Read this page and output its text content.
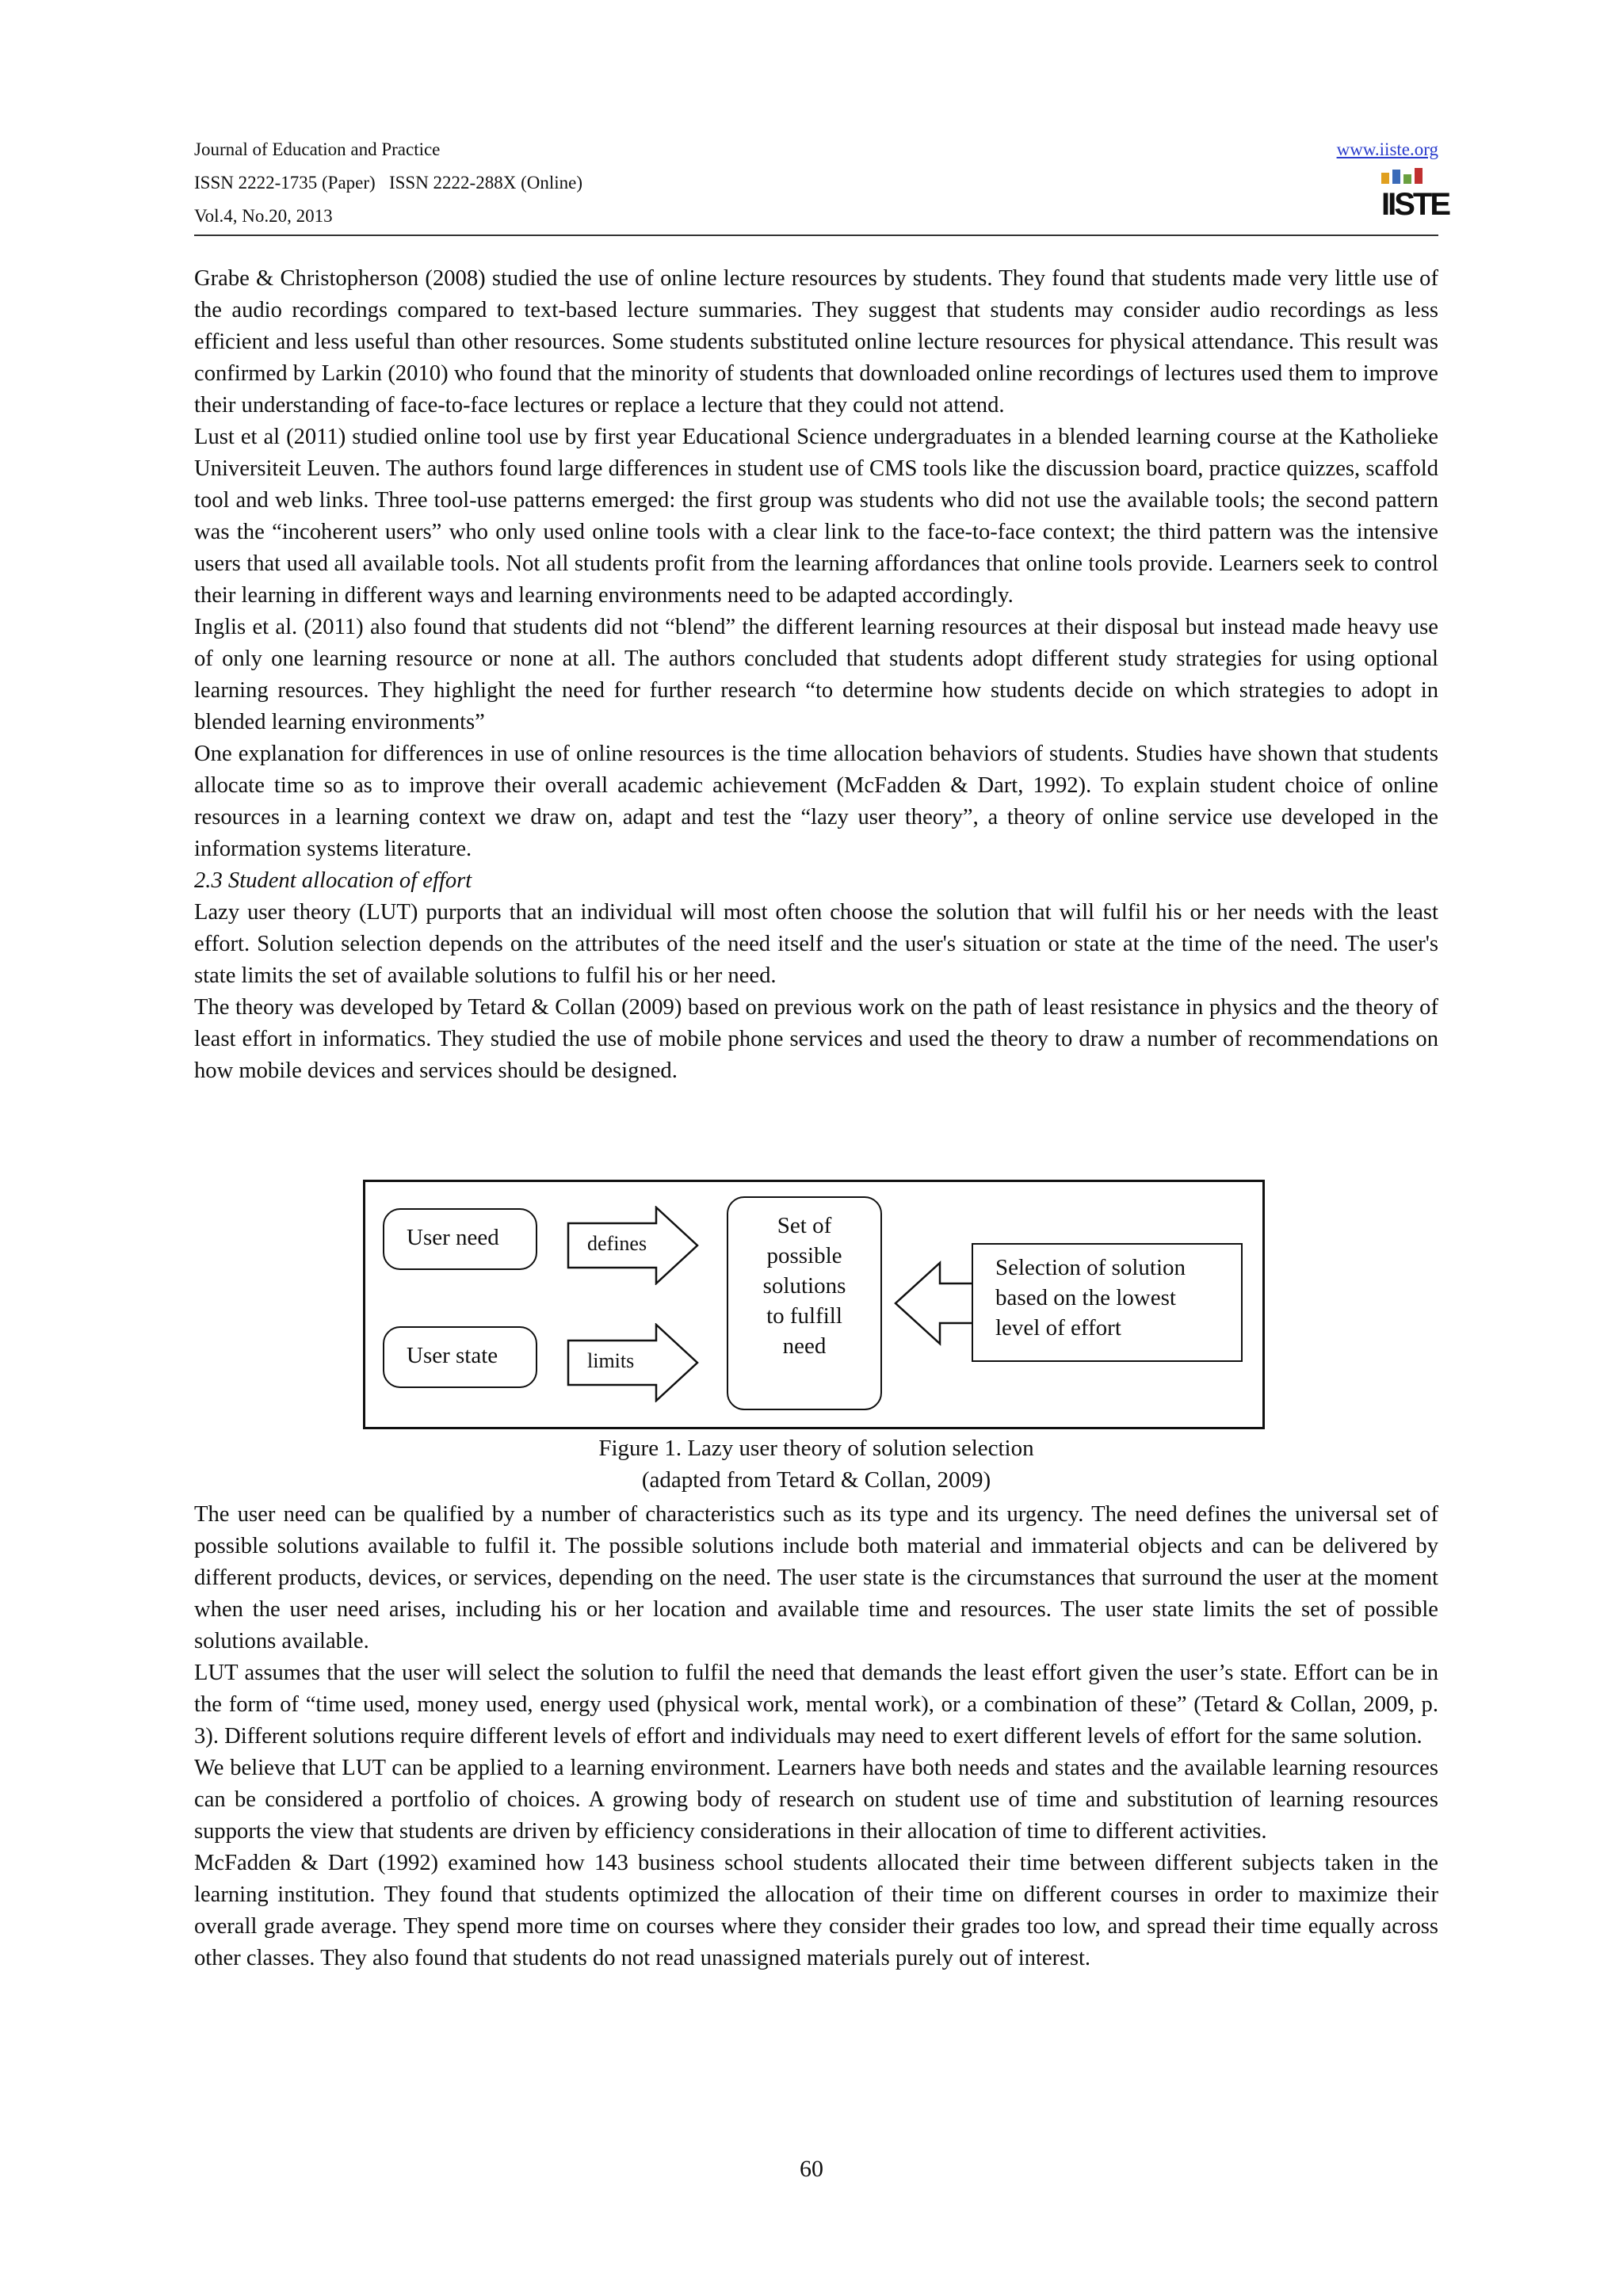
Journal of Education and Practice
ISSN 2222-1735 (Paper)   ISSN 2222-288X (Online)
Vol.4, No.20, 2013
www.iiste.org
IISTE

Grabe & Christopherson (2008) studied the use of online lecture resources by students. They found that students made very little use of the audio recordings compared to text-based lecture summaries. They suggest that students may consider audio recordings as less efficient and less useful than other resources. Some students substituted online lecture resources for physical attendance. This result was confirmed by Larkin (2010) who found that the minority of students that downloaded online recordings of lectures used them to improve their understanding of face-to-face lectures or replace a lecture that they could not attend.

Lust et al (2011) studied online tool use by first year Educational Science undergraduates in a blended learning course at the Katholieke Universiteit Leuven. The authors found large differences in student use of CMS tools like the discussion board, practice quizzes, scaffold tool and web links. Three tool-use patterns emerged: the first group was students who did not use the available tools; the second pattern was the “incoherent users” who only used online tools with a clear link to the face-to-face context; the third pattern was the intensive users that used all available tools. Not all students profit from the learning affordances that online tools provide. Learners seek to control their learning in different ways and learning environments need to be adapted accordingly.

Inglis et al. (2011) also found that students did not “blend” the different learning resources at their disposal but instead made heavy use of only one learning resource or none at all. The authors concluded that students adopt different study strategies for using optional learning resources. They highlight the need for further research “to determine how students decide on which strategies to adopt in blended learning environments”

One explanation for differences in use of online resources is the time allocation behaviors of students. Studies have shown that students allocate time so as to improve their overall academic achievement (McFadden & Dart, 1992). To explain student choice of online resources in a learning context we draw on, adapt and test the “lazy user theory”, a theory of online service use developed in the information systems literature.

2.3 Student allocation of effort

Lazy user theory (LUT) purports that an individual will most often choose the solution that will fulfil his or her needs with the least effort. Solution selection depends on the attributes of the need itself and the user's situation or state at the time of the need. The user's state limits the set of available solutions to fulfil his or her need.

The theory was developed by Tetard & Collan (2009) based on previous work on the path of least resistance in physics and the theory of least effort in informatics. They studied the use of mobile phone services and used the theory to draw a number of recommendations on how mobile devices and services should be designed.

User need
User state
defines
limits
Set of
possible
solutions
to fulfill
need
Selection of solution
based on the lowest
level of effort
Figure 1. Lazy user theory of solution selection
(adapted from Tetard & Collan, 2009)

The user need can be qualified by a number of characteristics such as its type and its urgency. The need defines the universal set of possible solutions available to fulfil it. The possible solutions include both material and immaterial objects and can be delivered by different products, devices, or services, depending on the need. The user state is the circumstances that surround the user at the moment when the user need arises, including his or her location and available time and resources. The user state limits the set of possible solutions available.

LUT assumes that the user will select the solution to fulfil the need that demands the least effort given the user’s state. Effort can be in the form of “time used, money used, energy used (physical work, mental work), or a combination of these” (Tetard & Collan, 2009, p. 3). Different solutions require different levels of effort and individuals may need to exert different levels of effort for the same solution.

We believe that LUT can be applied to a learning environment. Learners have both needs and states and the available learning resources can be considered a portfolio of choices. A growing body of research on student use of time and substitution of learning resources supports the view that students are driven by efficiency considerations in their allocation of time to different activities.

McFadden & Dart (1992) examined how 143 business school students allocated their time between different subjects taken in the learning institution. They found that students optimized the allocation of their time on different courses in order to maximize their overall grade average. They spend more time on courses where they consider their grades too low, and spread their time equally across other classes. They also found that students do not read unassigned materials purely out of interest.

60
